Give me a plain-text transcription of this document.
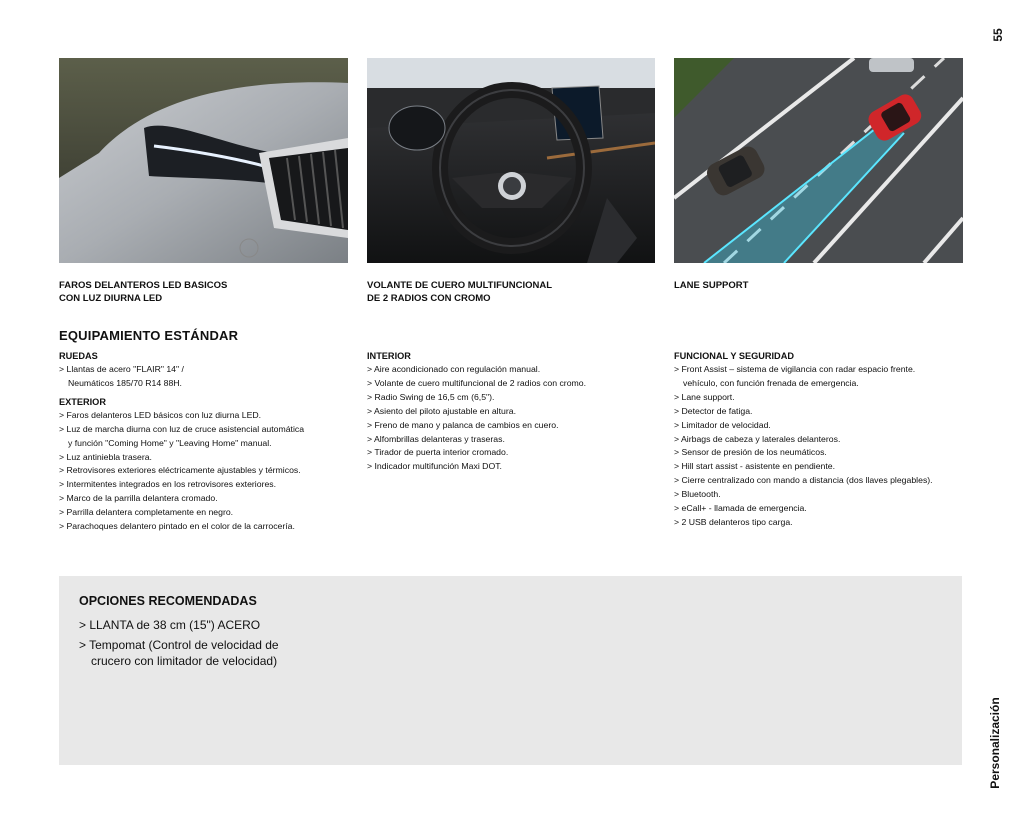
55
Personalización
FAROS DELANTEROS LED BASICOS
CON LUZ DIURNA LED
VOLANTE DE CUERO MULTIFUNCIONAL
DE 2 RADIOS CON CROMO
LANE SUPPORT
EQUIPAMIENTO ESTÁNDAR
RUEDAS
> Llantas de acero "FLAIR" 14" /
Neumáticos 185/70 R14 88H.
EXTERIOR
> Faros delanteros LED básicos con luz diurna LED.
> Luz de marcha diurna con luz de cruce asistencial automática
y función "Coming Home" y "Leaving Home" manual.
> Luz antiniebla trasera.
> Retrovisores exteriores eléctricamente ajustables y térmicos.
> Intermitentes integrados en los retrovisores exteriores.
> Marco de la parrilla delantera cromado.
> Parrilla delantera completamente en negro.
> Parachoques delantero pintado en el color de la carrocería.
INTERIOR
> Aire acondicionado con regulación manual.
> Volante de cuero multifuncional de 2 radios con cromo.
> Radio Swing de 16,5 cm (6,5").
> Asiento del piloto ajustable en altura.
> Freno de mano y palanca de cambios en cuero.
> Alfombrillas delanteras y traseras.
> Tirador de puerta interior cromado.
> Indicador multifunción Maxi DOT.
FUNCIONAL Y SEGURIDAD
> Front Assist – sistema de vigilancia con radar espacio frente.
vehículo, con función frenada de emergencia.
> Lane support.
> Detector de fatiga.
> Limitador de velocidad.
> Airbags de cabeza y laterales delanteros.
> Sensor de presión de los neumáticos.
> Hill start assist - asistente en pendiente.
> Cierre centralizado con mando a distancia (dos llaves plegables).
> Bluetooth.
> eCall+ - llamada de emergencia.
> 2 USB delanteros tipo carga.
OPCIONES RECOMENDADAS
> LLANTA de 38 cm (15") ACERO
> Tempomat (Control de velocidad de
crucero con limitador de velocidad)
